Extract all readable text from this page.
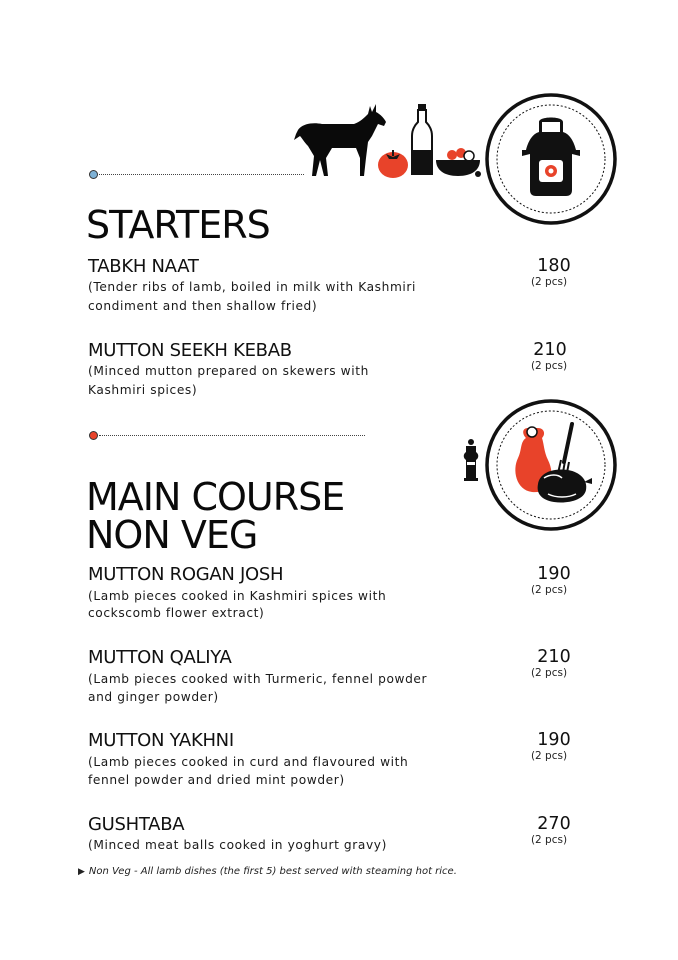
STARTERS
TABKH NAAT
(Tender ribs of lamb, boiled in milk with Kashmiri
condiment and then shallow fried)
180
(2 pcs)
MUTTON SEEKH KEBAB
(Minced mutton prepared on skewers with
Kashmiri spices)
210
(2 pcs)
MAIN COURSE
NON VEG
MUTTON ROGAN JOSH
(Lamb pieces cooked in Kashmiri spices with
cockscomb flower extract)
190
(2 pcs)
MUTTON QALIYA
(Lamb pieces cooked with Turmeric, fennel powder
and ginger powder)
210
(2 pcs)
MUTTON YAKHNI
(Lamb pieces cooked in curd and flavoured with
fennel powder and dried mint powder)
190
(2 pcs)
GUSHTABA
(Minced meat balls cooked in yoghurt gravy)
270
(2 pcs)
▶ Non Veg - All lamb dishes (the first 5) best served with steaming hot rice.
